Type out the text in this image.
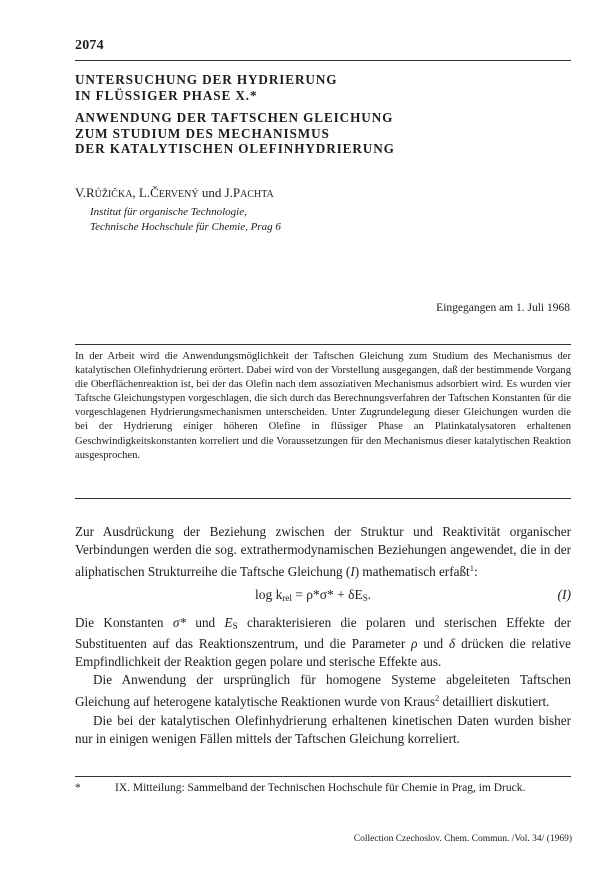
2074
UNTERSUCHUNG DER HYDRIERUNG
IN FLÜSSIGER PHASE X.*
ANWENDUNG DER TAFTSCHEN GLEICHUNG
ZUM STUDIUM DES MECHANISMUS
DER KATALYTISCHEN OLEFINHYDRIERUNG
V.RŮŽIČKA, L.ČERVENÝ und J.PACHTA
Institut für organische Technologie,
Technische Hochschule für Chemie, Prag 6
Eingegangen am 1. Juli 1968
In der Arbeit wird die Anwendungsmöglichkeit der Taftschen Gleichung zum Studium des Mechanismus der katalytischen Olefinhydrierung erörtert. Dabei wird von der Vorstellung ausgegangen, daß der bestimmende Vorgang die Oberflächenreaktion ist, bei der das Olefin nach dem assoziativen Mechanismus adsorbiert wird. Es wurden vier Taftsche Gleichungstypen vorgeschlagen, die sich durch das Berechnungsverfahren der Taftschen Konstanten für die vorgeschlagenen Hydrierungsmechanismen unterscheiden. Unter Zugrundelegung dieser Gleichungen wurden die bei der Hydrierung einiger höheren Olefine in flüssiger Phase an Platinkatalysatoren erhaltenen Geschwindigkeitskonstanten korreliert und die Voraussetzungen für den Mechanismus dieser katalytischen Reaktion ausgesprochen.

Zur Ausdrückung der Beziehung zwischen der Struktur und Reaktivität organischer Verbindungen werden die sog. extrathermodynamischen Beziehungen angewendet, die in der aliphatischen Strukturreihe die Taftsche Gleichung (I) mathematisch erfaßt$^1$:

$\log k_{rel} = \rho*\sigma* + \delta E_S$.	(I)

Die Konstanten σ* und $E_S$ charakterisieren die polaren und sterischen Effekte der Substituenten auf das Reaktionszentrum, und die Parameter ρ und δ drücken die relative Empfindlichkeit der Reaktion gegen polare und sterische Effekte aus.

Die Anwendung der ursprünglich für homogene Systeme abgeleiteten Taftschen Gleichung auf heterogene katalytische Reaktionen wurde von Kraus$^2$ detailliert diskutiert.

Die bei der katalytischen Olefinhydrierung erhaltenen kinetischen Daten wurden bisher nur in einigen wenigen Fällen mittels der Taftschen Gleichung korreliert.

*	IX. Mitteilung: Sammelband der Technischen Hochschule für Chemie in Prag, im Druck.
Collection Czechoslov. Chem. Commun. /Vol. 34/ (1969)
